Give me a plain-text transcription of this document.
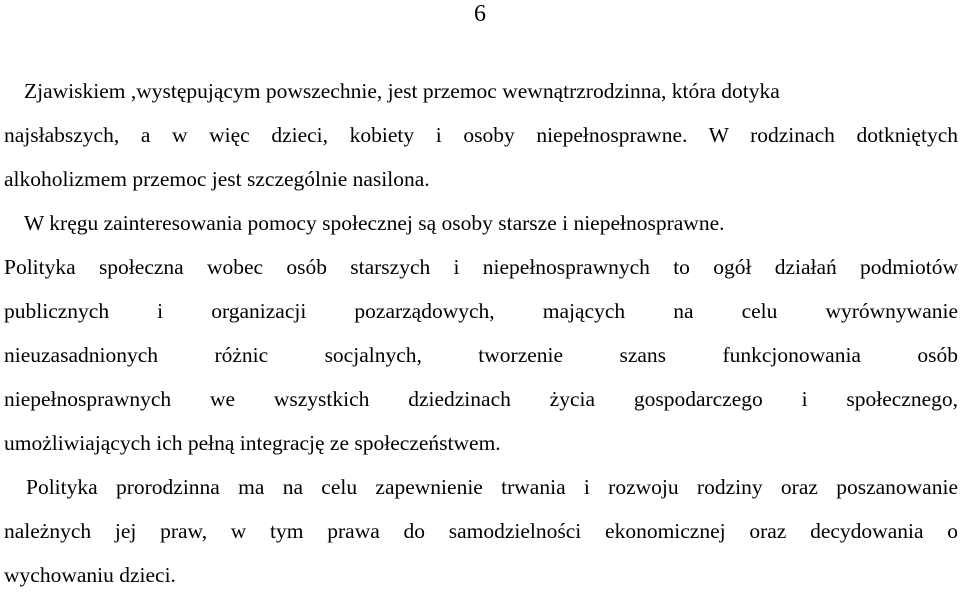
6
Zjawiskiem ,występującym powszechnie, jest przemoc wewnątrzrodzinna, która dotyka
najsłabszych, a w więc dzieci, kobiety i osoby niepełnosprawne. W rodzinach dotkniętych
alkoholizmem przemoc jest szczególnie nasilona.
W kręgu zainteresowania pomocy społecznej są osoby starsze i niepełnosprawne.
Polityka społeczna wobec osób starszych i niepełnosprawnych to ogół działań podmiotów
publicznych i organizacji pozarządowych, mających na celu wyrównywanie
nieuzasadnionych różnic socjalnych, tworzenie szans funkcjonowania osób
niepełnosprawnych we wszystkich dziedzinach życia gospodarczego i społecznego,
umożliwiających ich pełną integrację ze społeczeństwem.
Polityka prorodzinna ma na celu zapewnienie trwania i rozwoju rodziny oraz poszanowanie
należnych jej praw, w tym prawa do samodzielności ekonomicznej oraz decydowania o
wychowaniu dzieci.
